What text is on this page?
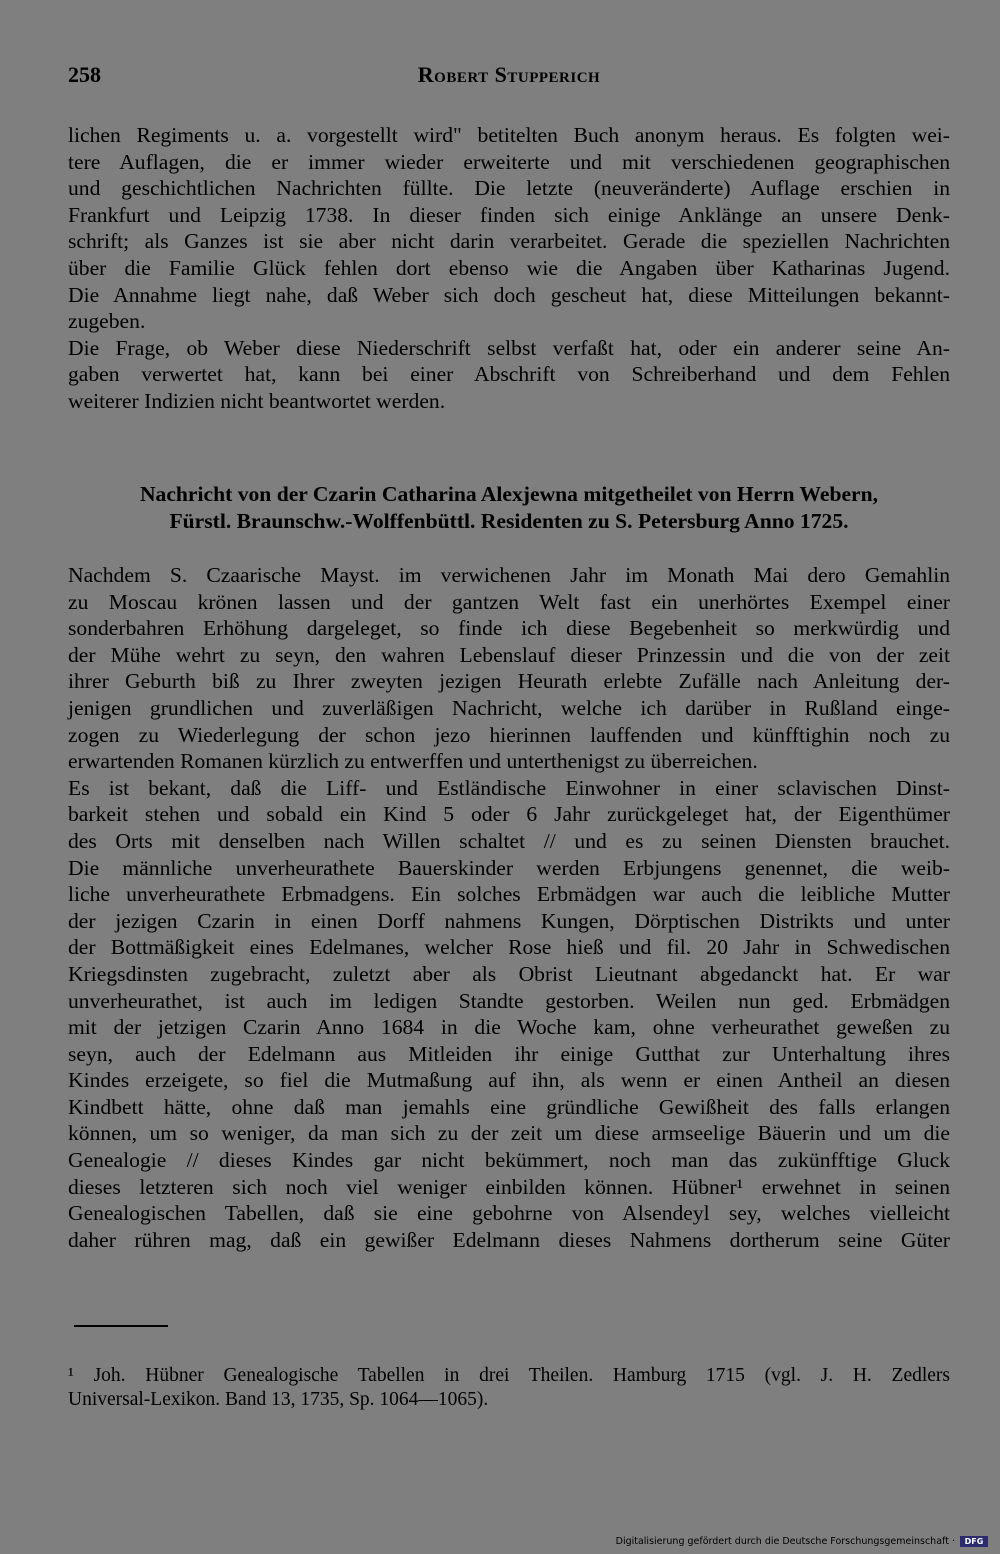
258	Robert Stupperich
lichen Regiments u. a. vorgestellt wird" betitelten Buch anonym heraus. Es folgten wei-
tere Auflagen, die er immer wieder erweiterte und mit verschiedenen geographischen
und geschichtlichen Nachrichten füllte. Die letzte (neuveränderte) Auflage erschien in
Frankfurt und Leipzig 1738. In dieser finden sich einige Anklänge an unsere Denk-
schrift; als Ganzes ist sie aber nicht darin verarbeitet. Gerade die speziellen Nachrichten
über die Familie Glück fehlen dort ebenso wie die Angaben über Katharinas Jugend.
Die Annahme liegt nahe, daß Weber sich doch gescheut hat, diese Mitteilungen bekannt-
zugeben.
Die Frage, ob Weber diese Niederschrift selbst verfaßt hat, oder ein anderer seine An-
gaben verwertet hat, kann bei einer Abschrift von Schreiberhand und dem Fehlen
weiterer Indizien nicht beantwortet werden.
Nachricht von der Czarin Catharina Alexjewna mitgetheilet von Herrn Webern,
Fürstl. Braunschw.-Wolffenbüttl. Residenten zu S. Petersburg Anno 1725.
Nachdem S. Czaarische Mayst. im verwichenen Jahr im Monath Mai dero Gemahlin
zu Moscau krönen lassen und der gantzen Welt fast ein unerhörtes Exempel einer
sonderbahren Erhöhung dargeleget, so finde ich diese Begebenheit so merkwürdig und
der Mühe wehrt zu seyn, den wahren Lebenslauf dieser Prinzessin und die von der zeit
ihrer Geburth biß zu Ihrer zweyten jezigen Heurath erlebte Zufälle nach Anleitung der-
jenigen grundlichen und zuverläßigen Nachricht, welche ich darüber in Rußland einge-
zogen zu Wiederlegung der schon jezo hierinnen lauffenden und künfftighin noch zu
erwartenden Romanen kürzlich zu entwerffen und unterthenigst zu überreichen.
Es ist bekant, daß die Liff- und Estländische Einwohner in einer sclavischen Dinst-
barkeit stehen und sobald ein Kind 5 oder 6 Jahr zurückgeleget hat, der Eigenthümer
des Orts mit denselben nach Willen schaltet // und es zu seinen Diensten brauchet.
Die männliche unverheurathete Bauerskinder werden Erbjungens genennet, die weib-
liche unverheurathete Erbmadgens. Ein solches Erbmädgen war auch die leibliche Mutter
der jezigen Czarin in einen Dorff nahmens Kungen, Dörptischen Distrikts und unter
der Bottmäßigkeit eines Edelmanes, welcher Rose hieß und fil. 20 Jahr in Schwedischen
Kriegsdinsten zugebracht, zuletzt aber als Obrist Lieutnant abgedanckt hat. Er war
unverheurathet, ist auch im ledigen Standte gestorben. Weilen nun ged. Erbmädgen
mit der jetzigen Czarin Anno 1684 in die Woche kam, ohne verheurathet geweßen zu
seyn, auch der Edelmann aus Mitleiden ihr einige Gutthat zur Unterhaltung ihres
Kindes erzeigete, so fiel die Mutmaßung auf ihn, als wenn er einen Antheil an diesen
Kindbett hätte, ohne daß man jemahls eine gründliche Gewißheit des falls erlangen
können, um so weniger, da man sich zu der zeit um diese armseelige Bäuerin und um die
Genealogie // dieses Kindes gar nicht bekümmert, noch man das zukünfftige Gluck
dieses letzteren sich noch viel weniger einbilden können. Hübner¹ erwehnet in seinen
Genealogischen Tabellen, daß sie eine gebohrne von Alsendeyl sey, welches vielleicht
daher rühren mag, daß ein gewißer Edelmann dieses Nahmens dortherum seine Güter
¹ Joh. Hübner Genealogische Tabellen in drei Theilen. Hamburg 1715 (vgl. J. H. Zedlers
Universal-Lexikon. Band 13, 1735, Sp. 1064—1065).
Digitalisierung gefördert durch die Deutsche Forschungsgemeinschaft · DFG
